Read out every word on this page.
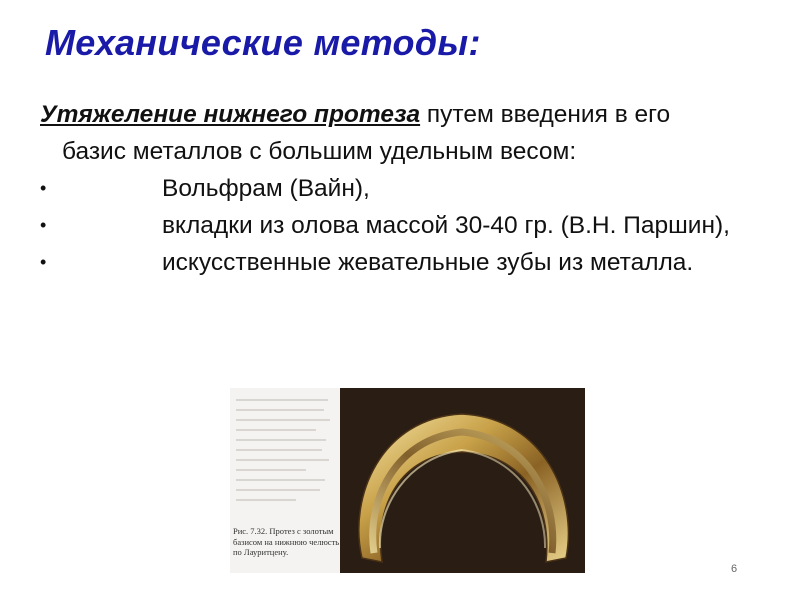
Механические методы:
Утяжеление нижнего протеза путем введения в его базис металлов с большим удельным весом:
•	Вольфрам (Вайн),
•	вкладки из олова массой 30-40 гр. (В.Н. Паршин),
•	искусственные жевательные зубы из металла.
Рис. 7.32. Протез с золотым базисом на нижнюю челюсть по Лауритцену.
6
